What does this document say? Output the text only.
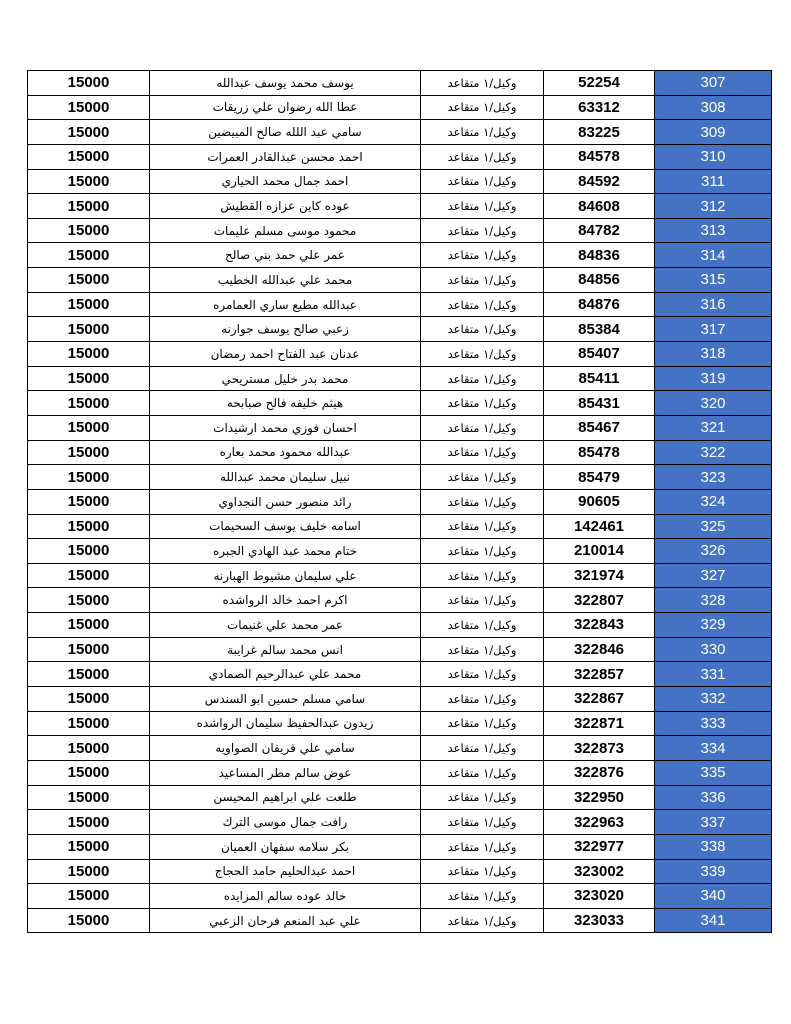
15000	يوسف محمد يوسف عبدالله	وكيل/١ متقاعد	52254	307
15000	عطا الله رضوان علي زريقات	وكيل/١ متقاعد	63312	308
15000	سامي عبد اللله صالح المبيضين	وكيل/١ متقاعد	83225	309
15000	احمد محسن عبدالقادر العمرات	وكيل/١ متقاعد	84578	310
15000	احمد جمال محمد الحياري	وكيل/١ متقاعد	84592	311
15000	عوده كاين عزازه القطيش	وكيل/١ متقاعد	84608	312
15000	محمود موسى مسلم عليمات	وكيل/١ متقاعد	84782	313
15000	عمر علي حمد بني صالح	وكيل/١ متقاعد	84836	314
15000	محمد علي عبدالله الخطيب	وكيل/١ متقاعد	84856	315
15000	عبدالله مطيع ساري العمامره	وكيل/١ متقاعد	84876	316
15000	زعبي صالح يوسف جوارنه	وكيل/١ متقاعد	85384	317
15000	عدنان عبد الفتاح احمد رمضان	وكيل/١ متقاعد	85407	318
15000	محمد بدر خليل مستريحي	وكيل/١ متقاعد	85411	319
15000	هيثم خليفه فالح صبابحه	وكيل/١ متقاعد	85431	320
15000	احسان فوزي محمد ارشيدات	وكيل/١ متقاعد	85467	321
15000	عبدالله محمود محمد بعاره	وكيل/١ متقاعد	85478	322
15000	نبيل سليمان محمد عبدالله	وكيل/١ متقاعد	85479	323
15000	رائد منصور حسن النجداوي	وكيل/١ متقاعد	90605	324
15000	اسامه خليف يوسف السحيمات	وكيل/١ متقاعد	142461	325
15000	ختام محمد عبد الهادي الجبره	وكيل/١ متقاعد	210014	326
15000	علي سليمان مشيوط الهبارنه	وكيل/١ متقاعد	321974	327
15000	اكرم احمد خالد الرواشده	وكيل/١ متقاعد	322807	328
15000	عمر محمد علي غنيمات	وكيل/١ متقاعد	322843	329
15000	انس محمد سالم غرايبة	وكيل/١ متقاعد	322846	330
15000	محمد علي عبدالرحيم الصمادي	وكيل/١ متقاعد	322857	331
15000	سامي مسلم حسين ابو السندس	وكيل/١ متقاعد	322867	332
15000	زيدون عبدالحفيظ سليمان الرواشده	وكيل/١ متقاعد	322871	333
15000	سامي علي قريفان الصواويه	وكيل/١ متقاعد	322873	334
15000	عوض سالم مطر المساعيد	وكيل/١ متقاعد	322876	335
15000	طلعت علي ابراهيم المحيسن	وكيل/١ متقاعد	322950	336
15000	رافت جمال موسى الترك	وكيل/١ متقاعد	322963	337
15000	بكر سلامه سفهان العميان	وكيل/١ متقاعد	322977	338
15000	احمد عبدالحليم حامد الحجاج	وكيل/١ متقاعد	323002	339
15000	خالد عوده سالم المزايده	وكيل/١ متقاعد	323020	340
15000	علي عبد المنعم فرحان الزعبي	وكيل/١ متقاعد	323033	341
